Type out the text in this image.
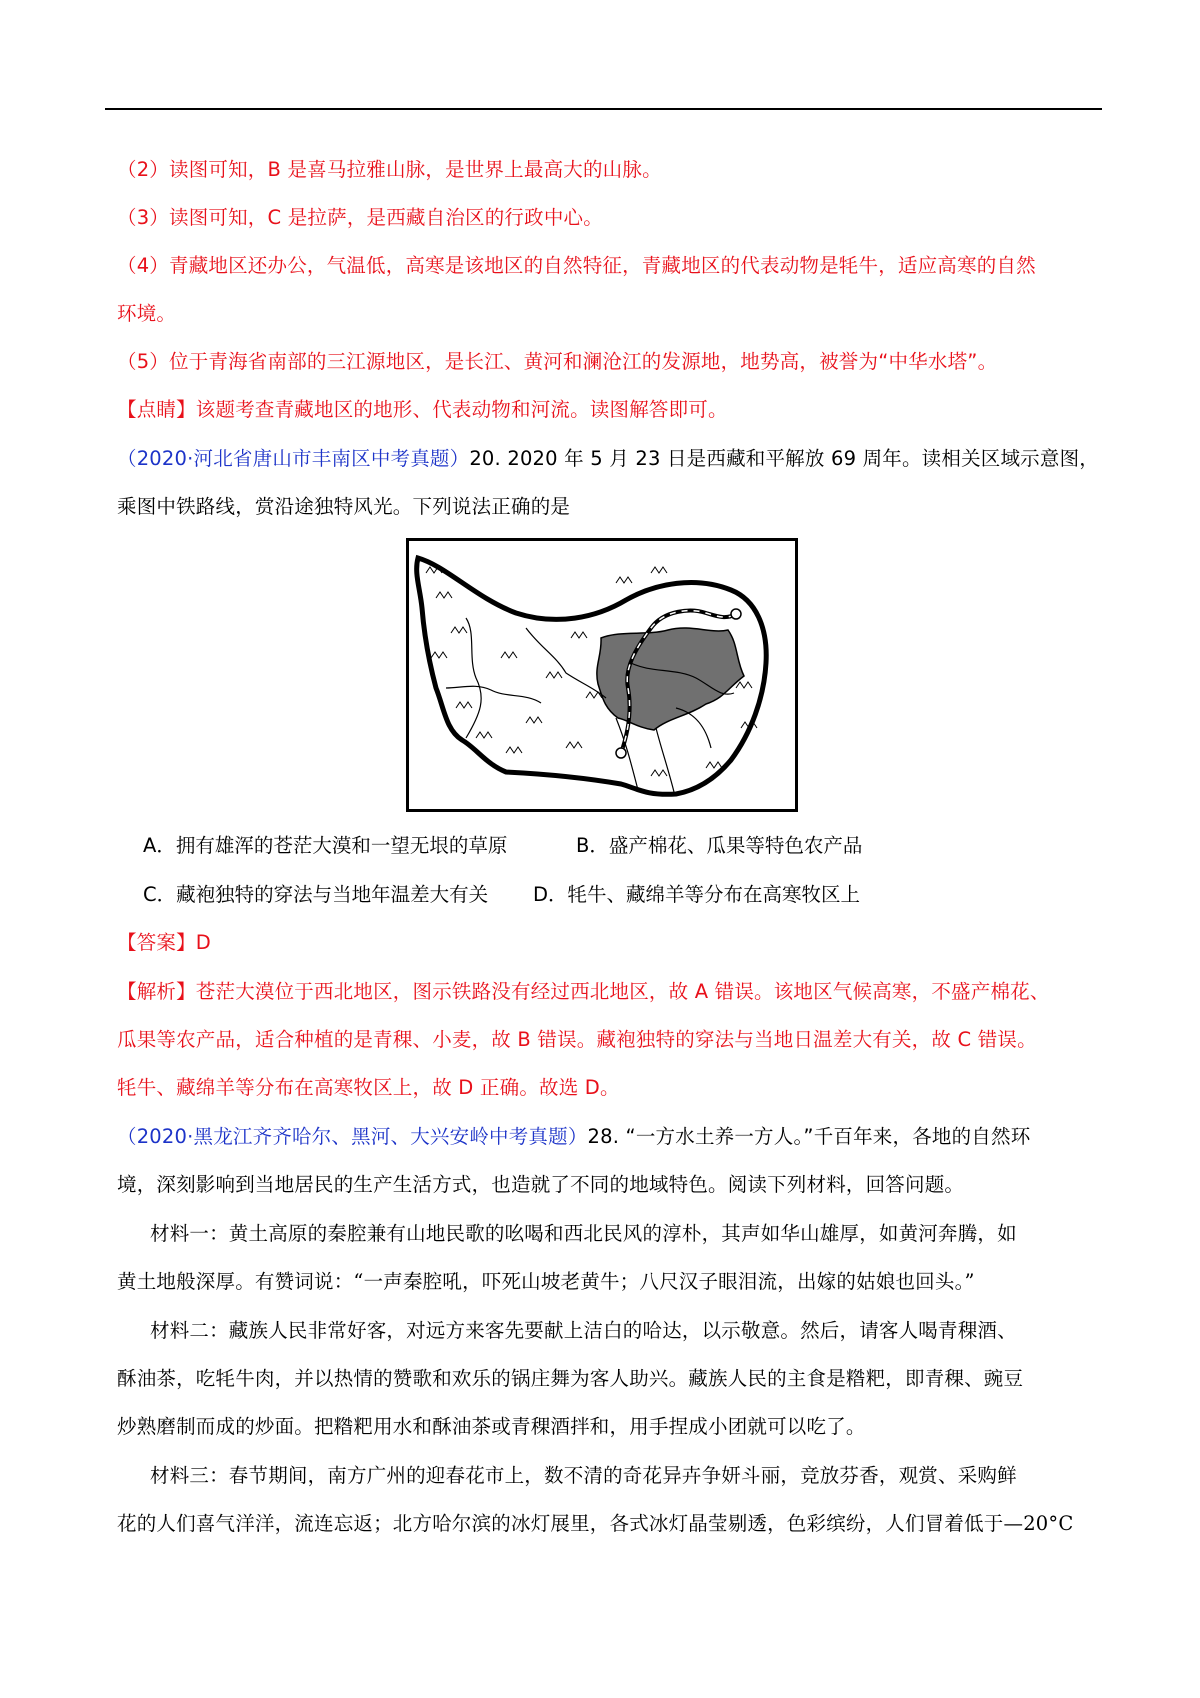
（2）读图可知，B 是喜马拉雅山脉，是世界上最高大的山脉。
（3）读图可知，C 是拉萨，是西藏自治区的行政中心。
（4）青藏地区还办公，气温低，高寒是该地区的自然特征，青藏地区的代表动物是牦牛，适应高寒的自然
环境。
（5）位于青海省南部的三江源地区，是长江、黄河和澜沧江的发源地，地势高，被誉为“中华水塔”。
【点睛】该题考查青藏地区的地形、代表动物和河流。读图解答即可。
（2020·河北省唐山市丰南区中考真题）20. 2020 年 5 月 23 日是西藏和平解放 69 周年。读相关区域示意图，
乘图中铁路线，赏沿途独特风光。下列说法正确的是
A．拥有雄浑的苍茫大漠和一望无垠的草原	B．盛产棉花、瓜果等特色农产品
C．藏袍独特的穿法与当地年温差大有关 D．牦牛、藏绵羊等分布在高寒牧区上
【答案】D
【解析】苍茫大漠位于西北地区，图示铁路没有经过西北地区，故 A 错误。该地区气候高寒，不盛产棉花、
瓜果等农产品，适合种植的是青稞、小麦，故 B 错误。藏袍独特的穿法与当地日温差大有关，故 C 错误。
牦牛、藏绵羊等分布在高寒牧区上，故 D 正确。故选 D。
（2020·黑龙江齐齐哈尔、黑河、大兴安岭中考真题）28. “一方水土养一方人。”千百年来，各地的自然环
境，深刻影响到当地居民的生产生活方式，也造就了不同的地域特色。阅读下列材料，回答问题。
材料一：黄土高原的秦腔兼有山地民歌的吆喝和西北民风的淳朴，其声如华山雄厚，如黄河奔腾，如
黄土地般深厚。有赞词说：“一声秦腔吼，吓死山坡老黄牛；八尺汉子眼泪流，出嫁的姑娘也回头。”
材料二：藏族人民非常好客，对远方来客先要献上洁白的哈达，以示敬意。然后，请客人喝青稞酒、
酥油茶，吃牦牛肉，并以热情的赞歌和欢乐的锅庄舞为客人助兴。藏族人民的主食是糌粑，即青稞、豌豆
炒熟磨制而成的炒面。把糌粑用水和酥油茶或青稞酒拌和，用手捏成小团就可以吃了。
材料三：春节期间，南方广州的迎春花市上，数不清的奇花异卉争妍斗丽，竞放芬香，观赏、采购鲜
花的人们喜气洋洋，流连忘返；北方哈尔滨的冰灯展里，各式冰灯晶莹剔透，色彩缤纷，人们冒着低于—20°C
